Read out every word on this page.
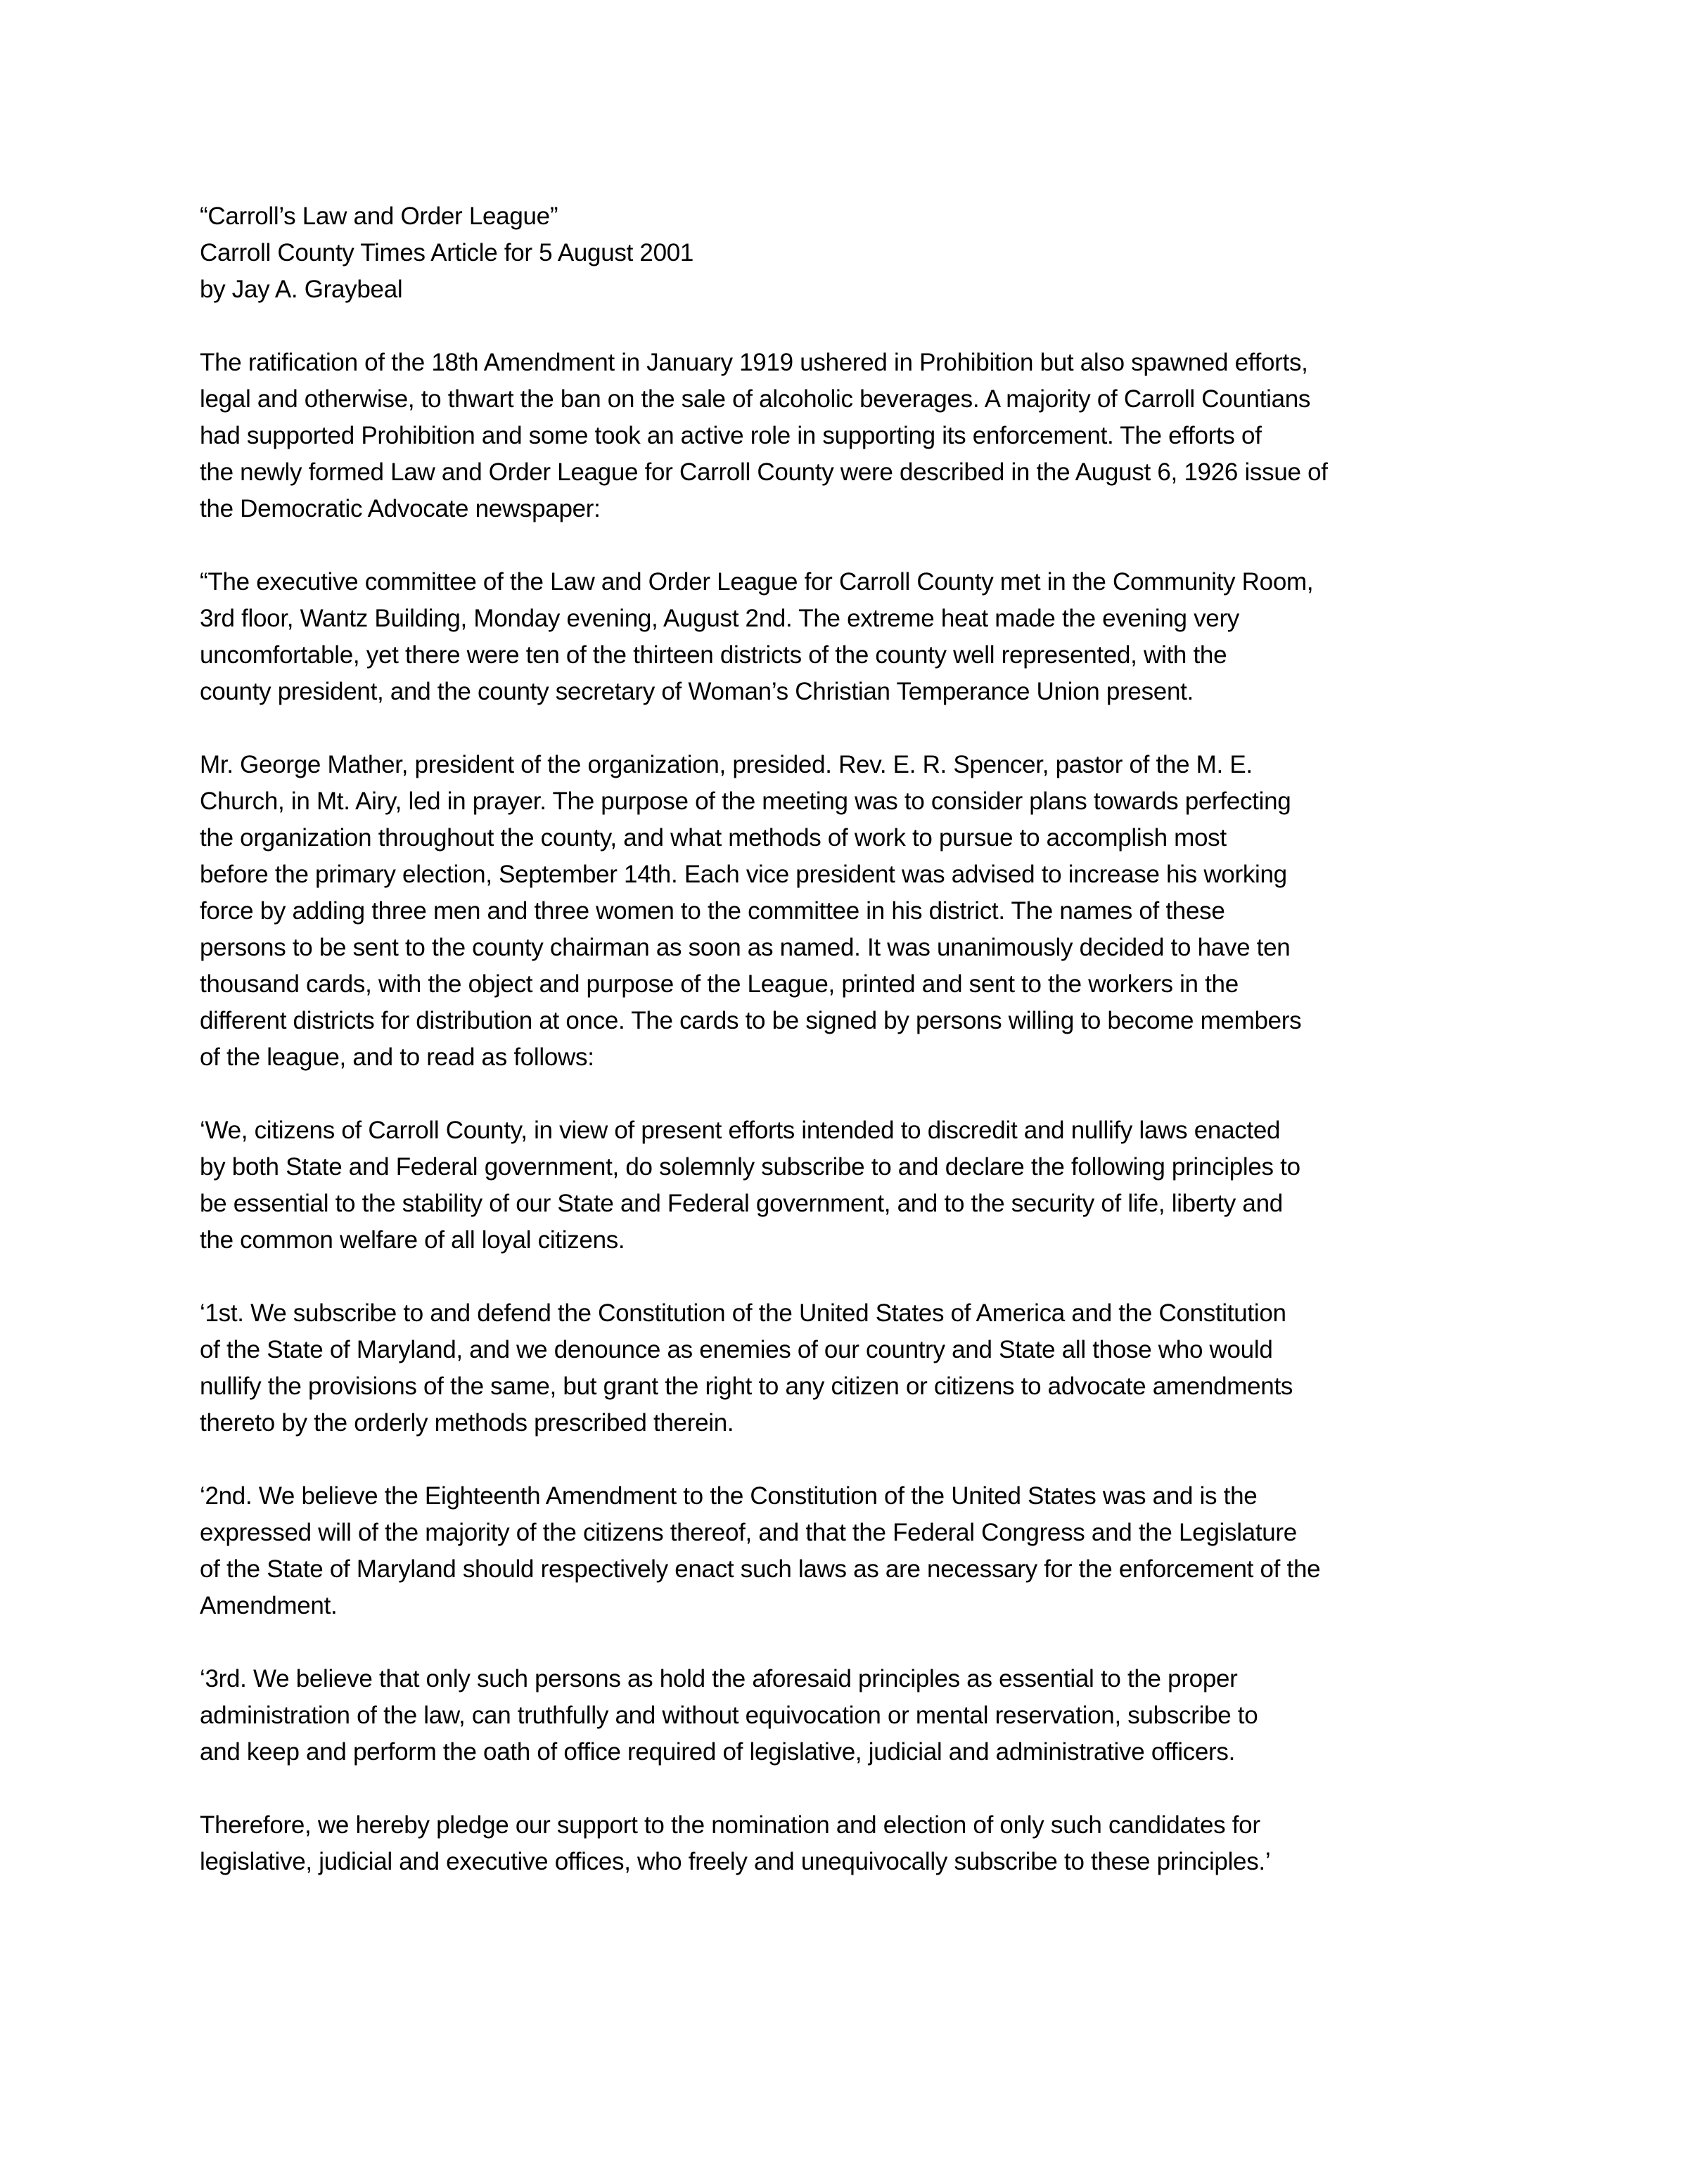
“Carroll’s Law and Order League”
Carroll County Times Article for 5 August 2001
by Jay A. Graybeal
The ratification of the 18th Amendment in January 1919 ushered in Prohibition but also spawned efforts,
legal and otherwise, to thwart the ban on the sale of alcoholic beverages. A majority of Carroll Countians
had supported Prohibition and some took an active role in supporting its enforcement. The efforts of
the newly formed Law and Order League for Carroll County were described in the August 6, 1926 issue of
the Democratic Advocate newspaper:
“The executive committee of the Law and Order League for Carroll County met in the Community Room,
3rd floor, Wantz Building, Monday evening, August 2nd. The extreme heat made the evening very
uncomfortable, yet there were ten of the thirteen districts of the county well represented, with the
county president, and the county secretary of Woman’s Christian Temperance Union present.
Mr. George Mather, president of the organization, presided. Rev. E. R. Spencer, pastor of the M. E.
Church, in Mt. Airy, led in prayer. The purpose of the meeting was to consider plans towards perfecting
the organization throughout the county, and what methods of work to pursue to accomplish most
before the primary election, September 14th. Each vice president was advised to increase his working
force by adding three men and three women to the committee in his district. The names of these
persons to be sent to the county chairman as soon as named. It was unanimously decided to have ten
thousand cards, with the object and purpose of the League, printed and sent to the workers in the
different districts for distribution at once. The cards to be signed by persons willing to become members
of the league, and to read as follows:
‘We, citizens of Carroll County, in view of present efforts intended to discredit and nullify laws enacted
by both State and Federal government, do solemnly subscribe to and declare the following principles to
be essential to the stability of our State and Federal government, and to the security of life, liberty and
the common welfare of all loyal citizens.
‘1st. We subscribe to and defend the Constitution of the United States of America and the Constitution
of the State of Maryland, and we denounce as enemies of our country and State all those who would
nullify the provisions of the same, but grant the right to any citizen or citizens to advocate amendments
thereto by the orderly methods prescribed therein.
‘2nd. We believe the Eighteenth Amendment to the Constitution of the United States was and is the
expressed will of the majority of the citizens thereof, and that the Federal Congress and the Legislature
of the State of Maryland should respectively enact such laws as are necessary for the enforcement of the
Amendment.
‘3rd. We believe that only such persons as hold the aforesaid principles as essential to the proper
administration of the law, can truthfully and without equivocation or mental reservation, subscribe to
and keep and perform the oath of office required of legislative, judicial and administrative officers.
Therefore, we hereby pledge our support to the nomination and election of only such candidates for
legislative, judicial and executive offices, who freely and unequivocally subscribe to these principles.’
